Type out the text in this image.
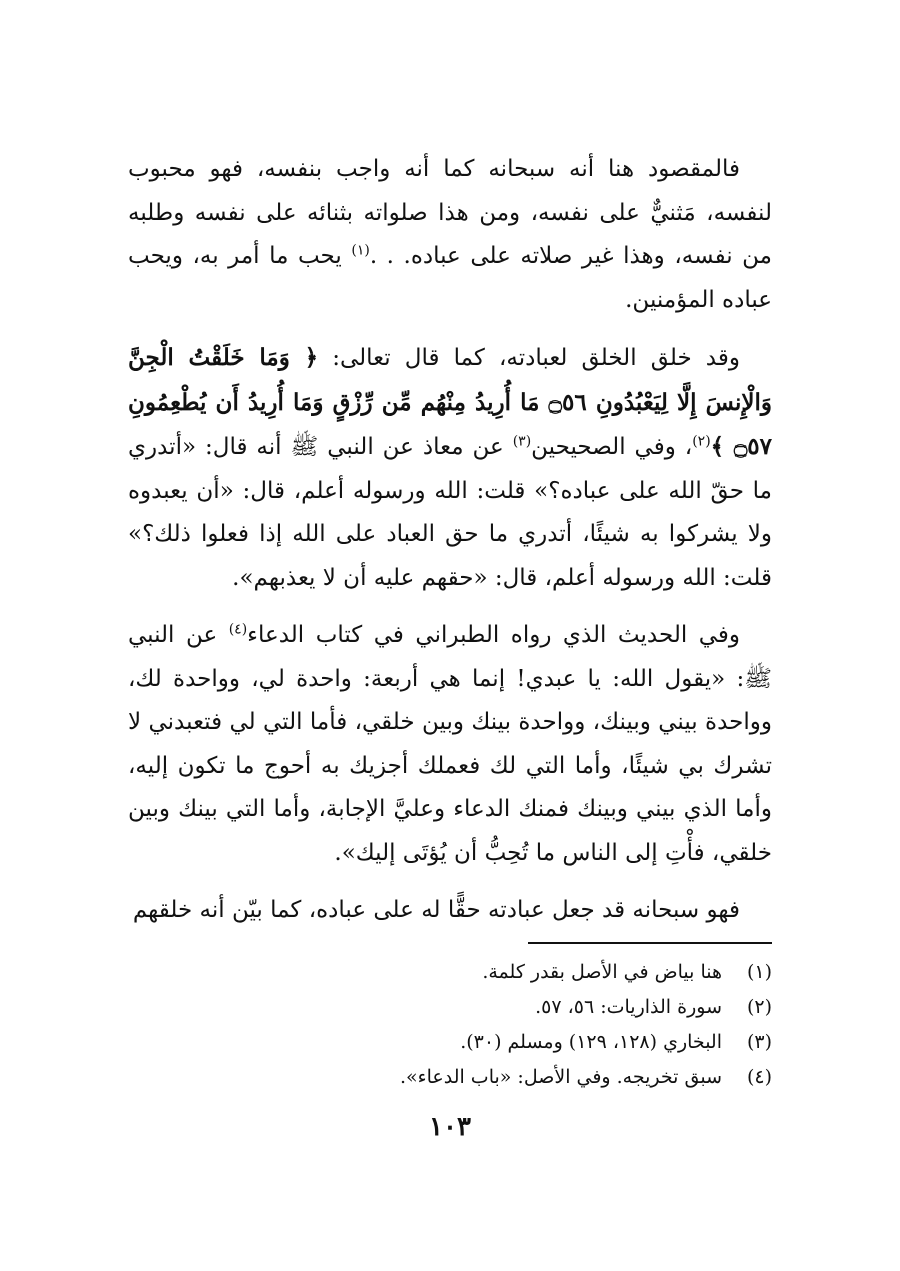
فالمقصود هنا أنه سبحانه كما أنه واجب بنفسه، فهو محبوب لنفسه، مَثنيٌّ على نفسه، ومن هذا صلواته بثنائه على نفسه وطلبه من نفسه، وهذا غير صلاته على عباده. . .$^{(١)}$ يحب ما أمر به، ويحب عباده المؤمنين.

وقد خلق الخلق لعبادته، كما قال تعالى: ﴿ وَمَا خَلَقْتُ الْجِنَّ وَالْإِنسَ إِلَّا لِيَعْبُدُونِ ۝٥٦ مَا أُرِيدُ مِنْهُم مِّن رِّزْقٍ وَمَا أُرِيدُ أَن يُطْعِمُونِ ۝٥٧ ﴾$^{(٢)}$، وفي الصحيحين$^{(٣)}$ عن معاذ عن النبي ﷺ أنه قال: «أتدري ما حقّ الله على عباده؟» قلت: الله ورسوله أعلم، قال: «أن يعبدوه ولا يشركوا به شيئًا، أتدري ما حق العباد على الله إذا فعلوا ذلك؟» قلت: الله ورسوله أعلم، قال: «حقهم عليه أن لا يعذبهم».

وفي الحديث الذي رواه الطبراني في كتاب الدعاء$^{(٤)}$ عن النبي ﷺ: «يقول الله: يا عبدي! إنما هي أربعة: واحدة لي، وواحدة لك، وواحدة بيني وبينك، وواحدة بينك وبين خلقي، فأما التي لي فتعبدني لا تشرك بي شيئًا، وأما التي لك فعملك أجزيك به أحوج ما تكون إليه، وأما الذي بيني وبينك فمنك الدعاء وعليَّ الإجابة، وأما التي بينك وبين خلقي، فأْتِ إلى الناس ما تُحِبُّ أن يُؤتَى إليك».

فهو سبحانه قد جعل عبادته حقًّا له على عباده، كما بيّن أنه خلقهم

(١)
هنا بياض في الأصل بقدر كلمة.
(٢)
سورة الذاريات: ٥٦، ٥٧.
(٣)
البخاري (١٢٨، ١٢٩) ومسلم (٣٠).
(٤)
سبق تخريجه. وفي الأصل: «باب الدعاء».
١٠٣
